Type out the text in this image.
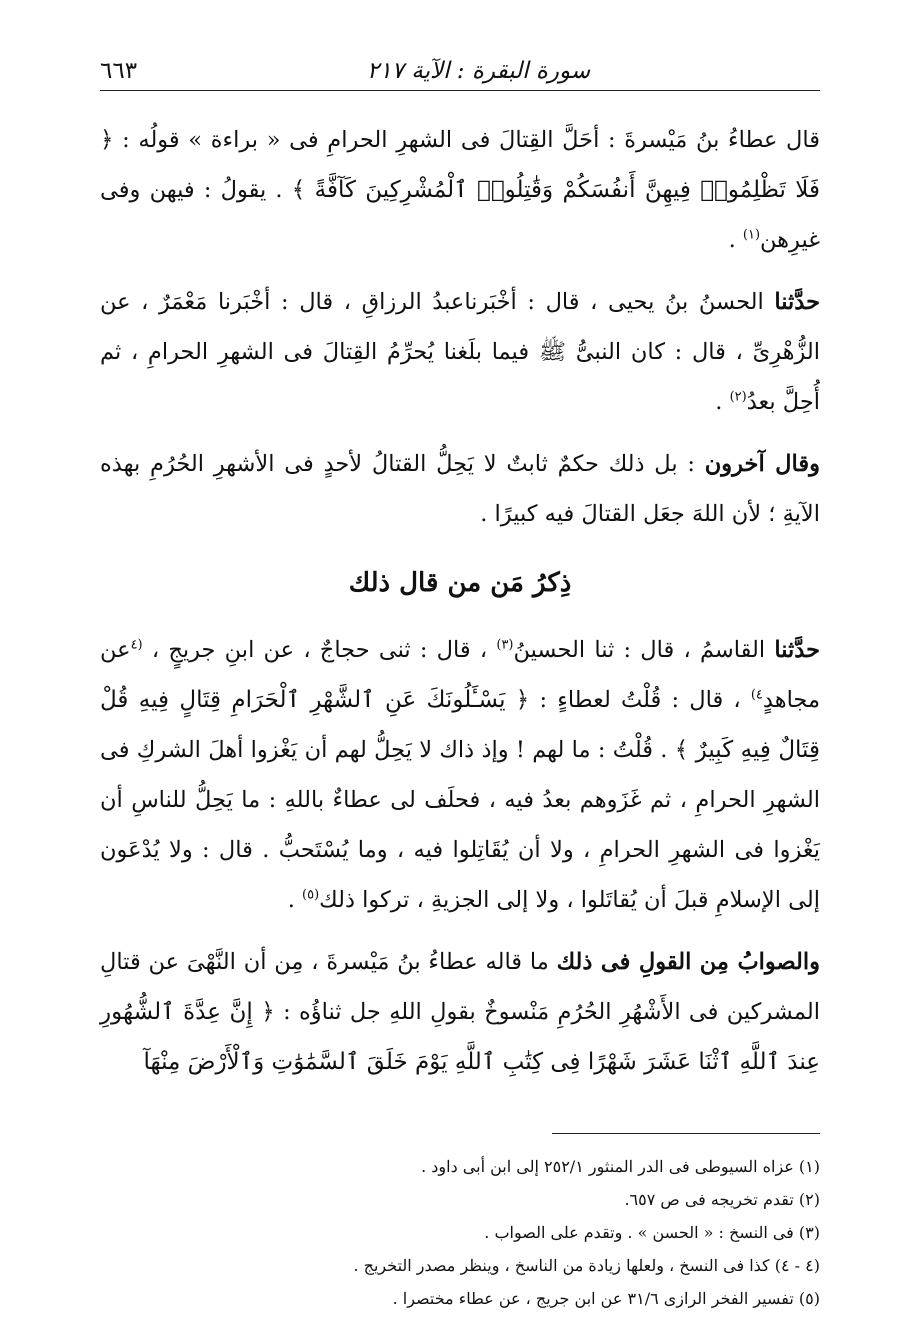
سورة البقرة : الآية ٢١٧
٦٦٣

قال عطاءُ بنُ مَيْسرةَ : أحَلَّ القِتالَ فى الشهرِ الحرامِ فى « براءة » قولُه : ﴿ فَلَا تَظْلِمُوا۟ فِيهِنَّ أَنفُسَكُمْ وَقَٰتِلُوا۟ ٱلْمُشْرِكِينَ كَآفَّةً ﴾ . يقولُ : فيهن وفى غيرِهن$^{(١)}$ .

حدَّثنا الحسنُ بنُ يحيى ، قال : أخْبَرناعبدُ الرزاقِ ، قال : أخْبَرنا مَعْمَرٌ ، عن الزُّهْرِىِّ ، قال : كان النبىُّ ﷺ فيما بلَغنا يُحرِّمُ القِتالَ فى الشهرِ الحرامِ ، ثم أُحِلَّ بعدُ$^{(٢)}$ .

وقال آخرون : بل ذلك حكمٌ ثابتٌ لا يَحِلُّ القتالُ لأحدٍ فى الأشهرِ الحُرُمِ بهذه الآيةِ ؛ لأن اللهَ جعَل القتالَ فيه كبيرًا .

ذِكرُ مَن من قال ذلك

حدَّثنا القاسمُ ، قال : ثنا الحسينُ$^{(٣)}$ ، قال : ثنى حجاجٌ ، عن ابنِ جريجٍ ، $^{(٤}$عن مجاهدٍ$^{٤)}$ ، قال : قُلْتُ لعطاءٍ : ﴿ يَسْـَٔلُونَكَ عَنِ ٱلشَّهْرِ ٱلْحَرَامِ قِتَالٍ فِيهِ قُلْ قِتَالٌ فِيهِ كَبِيرٌ ﴾ . قُلْتُ : ما لهم ! وإذ ذاك لا يَحِلُّ لهم أن يَغْزوا أهلَ الشركِ فى الشهرِ الحرامِ ، ثم غَزَوهم بعدُ فيه ، فحلَف لى عطاءٌ باللهِ : ما يَحِلُّ للناسِ أن يَغْزوا فى الشهرِ الحرامِ ، ولا أن يُقَاتِلوا فيه ، وما يُسْتَحبُّ . قال : ولا يُدْعَون إلى الإسلامِ قبلَ أن يُقاتَلوا ، ولا إلى الجزيةِ ، تركوا ذلك$^{(٥)}$ .

والصوابُ مِن القولِ فى ذلك ما قاله عطاءُ بنُ مَيْسرةَ ، مِن أن النَّهْىَ عن قتالِ المشركين فى الأَشْهُرِ الحُرُمِ مَنْسوخٌ بقولِ اللهِ جل ثناؤُه : ﴿ إِنَّ عِدَّةَ ٱلشُّهُورِ عِندَ ٱللَّهِ ٱثْنَا عَشَرَ شَهْرًا فِى كِتَٰبِ ٱللَّهِ يَوْمَ خَلَقَ ٱلسَّمَٰوَٰتِ وَٱلْأَرْضَ مِنْهَآ

(١) عزاه السيوطى فى الدر المنثور ٢٥٢/١ إلى ابن أبى داود .

(٢) تقدم تخريجه فى ص ٦٥٧.

(٣) فى النسخ : « الحسن » . وتقدم على الصواب .

(٤ - ٤) كذا فى النسخ ، ولعلها زيادة من الناسخ ، وينظر مصدر التخريج .

(٥) تفسير الفخر الرازى ٣١/٦ عن ابن جريج ، عن عطاء مختصرا .
